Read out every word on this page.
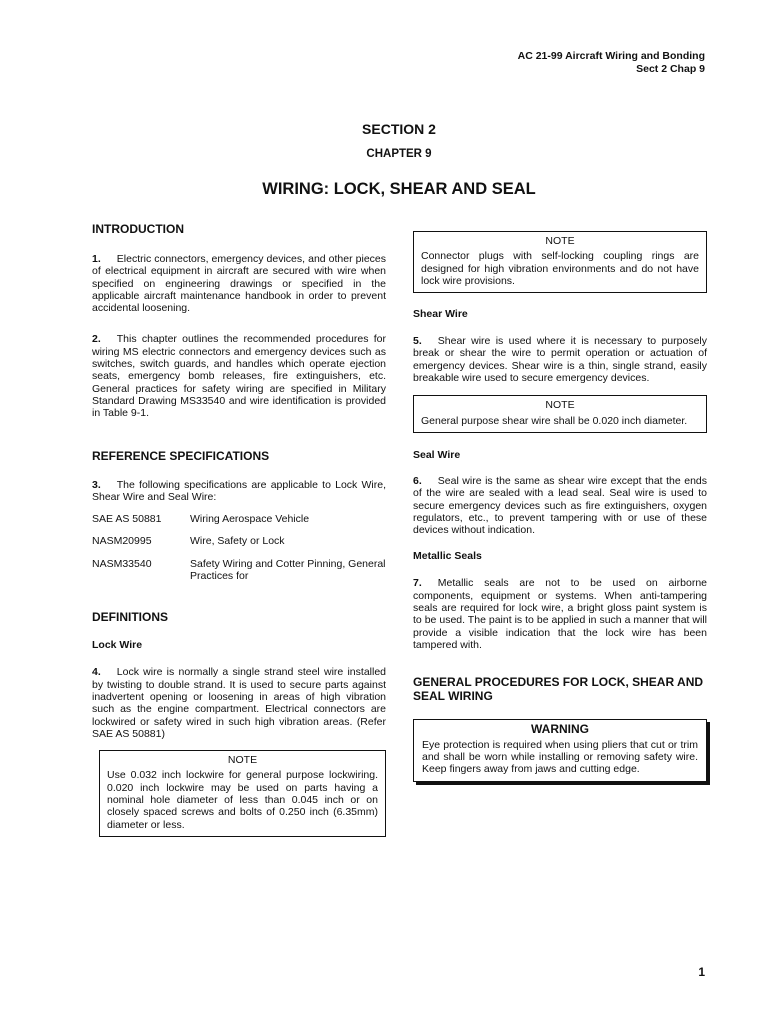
AC 21-99 Aircraft Wiring and Bonding
Sect 2 Chap 9
SECTION 2
CHAPTER 9
WIRING: LOCK, SHEAR AND SEAL
INTRODUCTION

1. Electric connectors, emergency devices, and other pieces of electrical equipment in aircraft are secured with wire when specified on engineering drawings or specified in the applicable aircraft maintenance handbook in order to prevent accidental loosening.

2. This chapter outlines the recommended procedures for wiring MS electric connectors and emergency devices such as switches, switch guards, and handles which operate ejection seats, emergency bomb releases, fire extinguishers, etc. General practices for safety wiring are specified in Military Standard Drawing MS33540 and wire identification is provided in Table 9-1.

REFERENCE SPECIFICATIONS

3. The following specifications are applicable to Lock Wire, Shear Wire and Seal Wire:

SAE AS 50881	Wiring Aerospace Vehicle
NASM20995	Wire, Safety or Lock
NASM33540	Safety Wiring and Cotter Pinning, General Practices for
DEFINITIONS
Lock Wire

4. Lock wire is normally a single strand steel wire installed by twisting to double strand. It is used to secure parts against inadvertent opening or loosening in areas of high vibration such as the engine compartment. Electrical connectors are lockwired or safety wired in such high vibration areas. (Refer SAE AS 50881)

NOTE

Use 0.032 inch lockwire for general purpose lockwiring. 0.020 inch lockwire may be used on parts having a nominal hole diameter of less than 0.045 inch or on closely spaced screws and bolts of 0.250 inch (6.35mm) diameter or less.

NOTE

Connector plugs with self-locking coupling rings are designed for high vibration environments and do not have lock wire provisions.

Shear Wire

5. Shear wire is used where it is necessary to purposely break or shear the wire to permit operation or actuation of emergency devices. Shear wire is a thin, single strand, easily breakable wire used to secure emergency devices.

NOTE

General purpose shear wire shall be 0.020 inch diameter.

Seal Wire

6. Seal wire is the same as shear wire except that the ends of the wire are sealed with a lead seal. Seal wire is used to secure emergency devices such as fire extinguishers, oxygen regulators, etc., to prevent tampering with or use of these devices without indication.

Metallic Seals

7. Metallic seals are not to be used on airborne components, equipment or systems. When anti-tampering seals are required for lock wire, a bright gloss paint system is to be used. The paint is to be applied in such a manner that will provide a visible indication that the lock wire has been tampered with.

GENERAL PROCEDURES FOR LOCK, SHEAR AND SEAL WIRING
WARNING

Eye protection is required when using pliers that cut or trim and shall be worn while installing or removing safety wire. Keep fingers away from jaws and cutting edge.

1
